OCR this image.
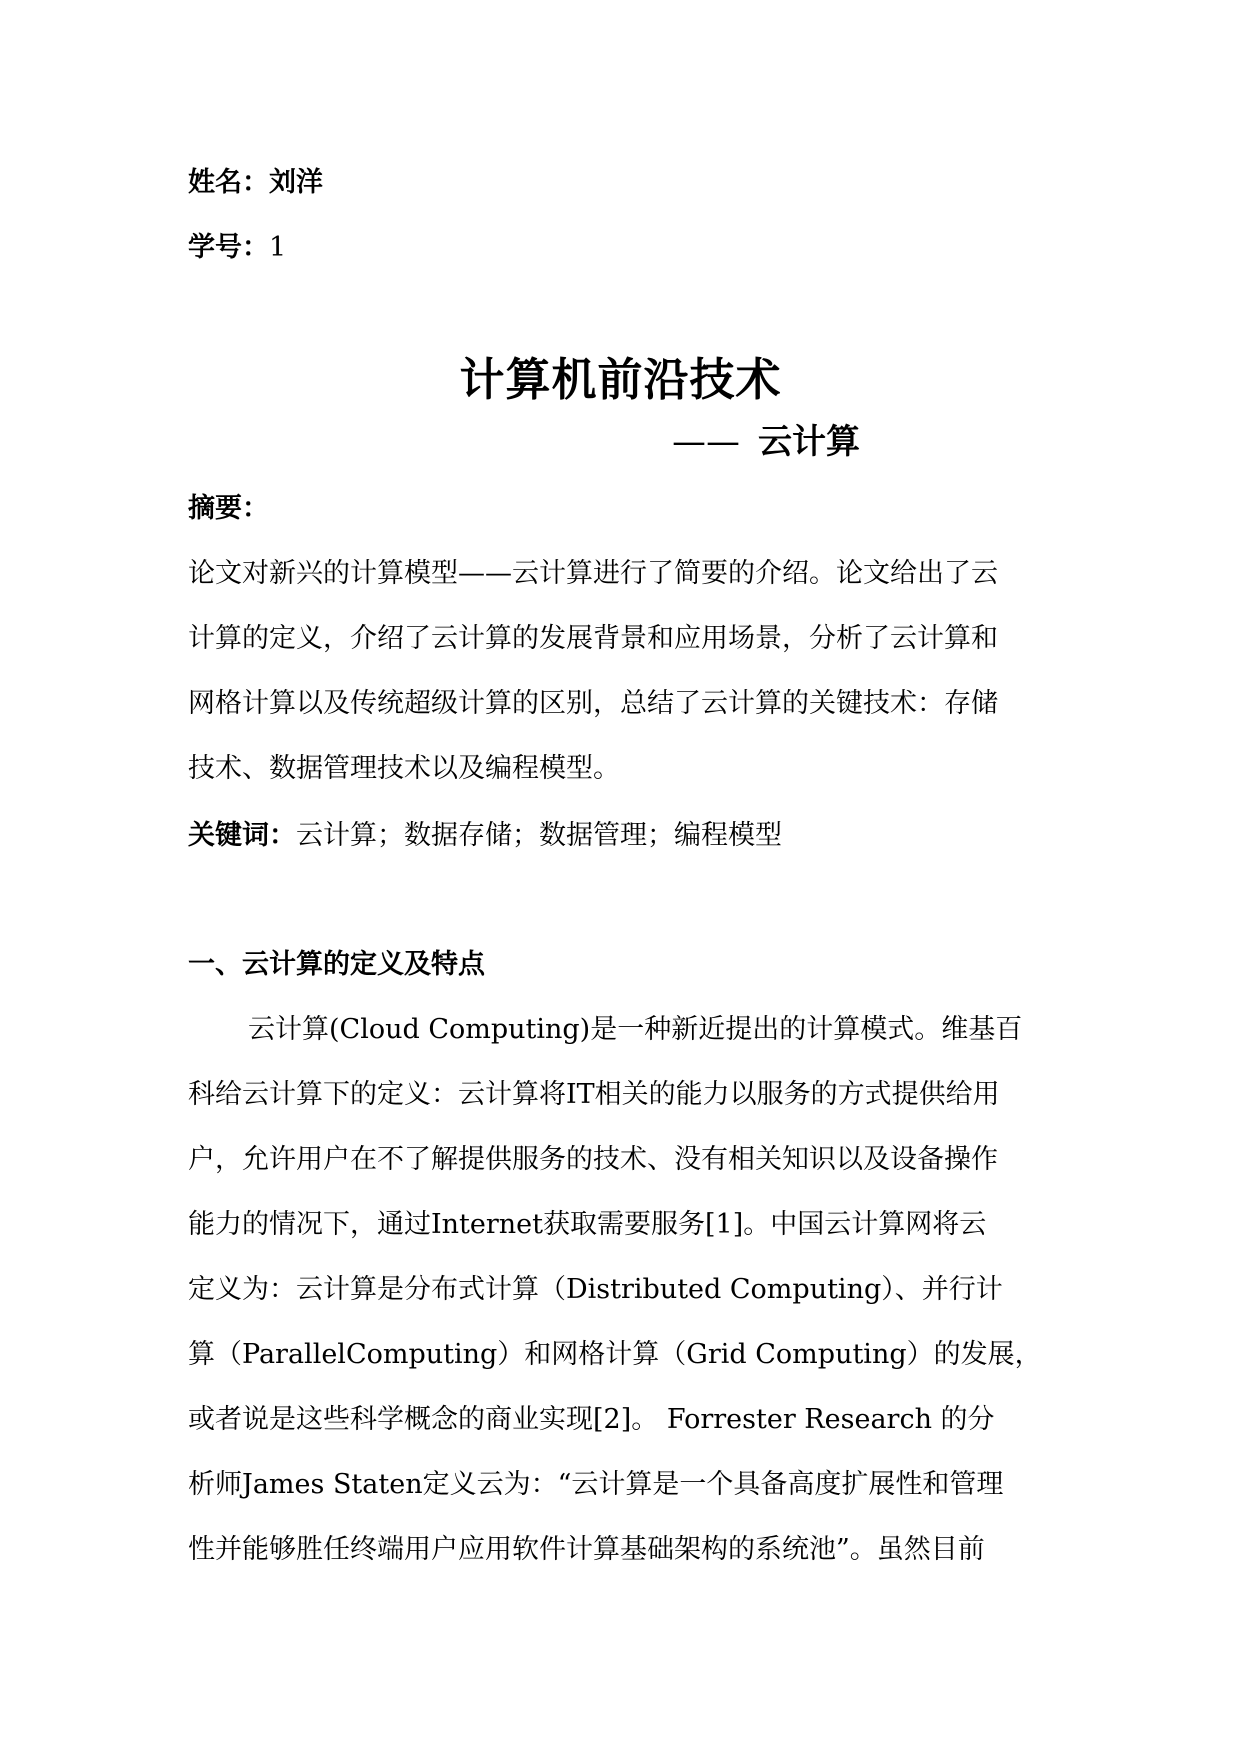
姓名：刘洋
学号：1
计算机前沿技术
—— 云计算
摘要：
论文对新兴的计算模型——云计算进行了简要的介绍。论文给出了云
计算的定义，介绍了云计算的发展背景和应用场景，分析了云计算和
网格计算以及传统超级计算的区别，总结了云计算的关键技术：存储
技术、数据管理技术以及编程模型。
关键词：云计算；数据存储；数据管理；编程模型
一、云计算的定义及特点
云计算(Cloud Computing)是一种新近提出的计算模式。维基百
科给云计算下的定义：云计算将IT相关的能力以服务的方式提供给用
户，允许用户在不了解提供服务的技术、没有相关知识以及设备操作
能力的情况下，通过Internet获取需要服务[1]。中国云计算网将云
定义为：云计算是分布式计算（Distributed Computing）、并行计
算（ParallelComputing）和网格计算（Grid Computing）的发展，
或者说是这些科学概念的商业实现[2]。 Forrester Research 的分
析师James Staten定义云为：“云计算是一个具备高度扩展性和管理
性并能够胜任终端用户应用软件计算基础架构的系统池”。虽然目前
